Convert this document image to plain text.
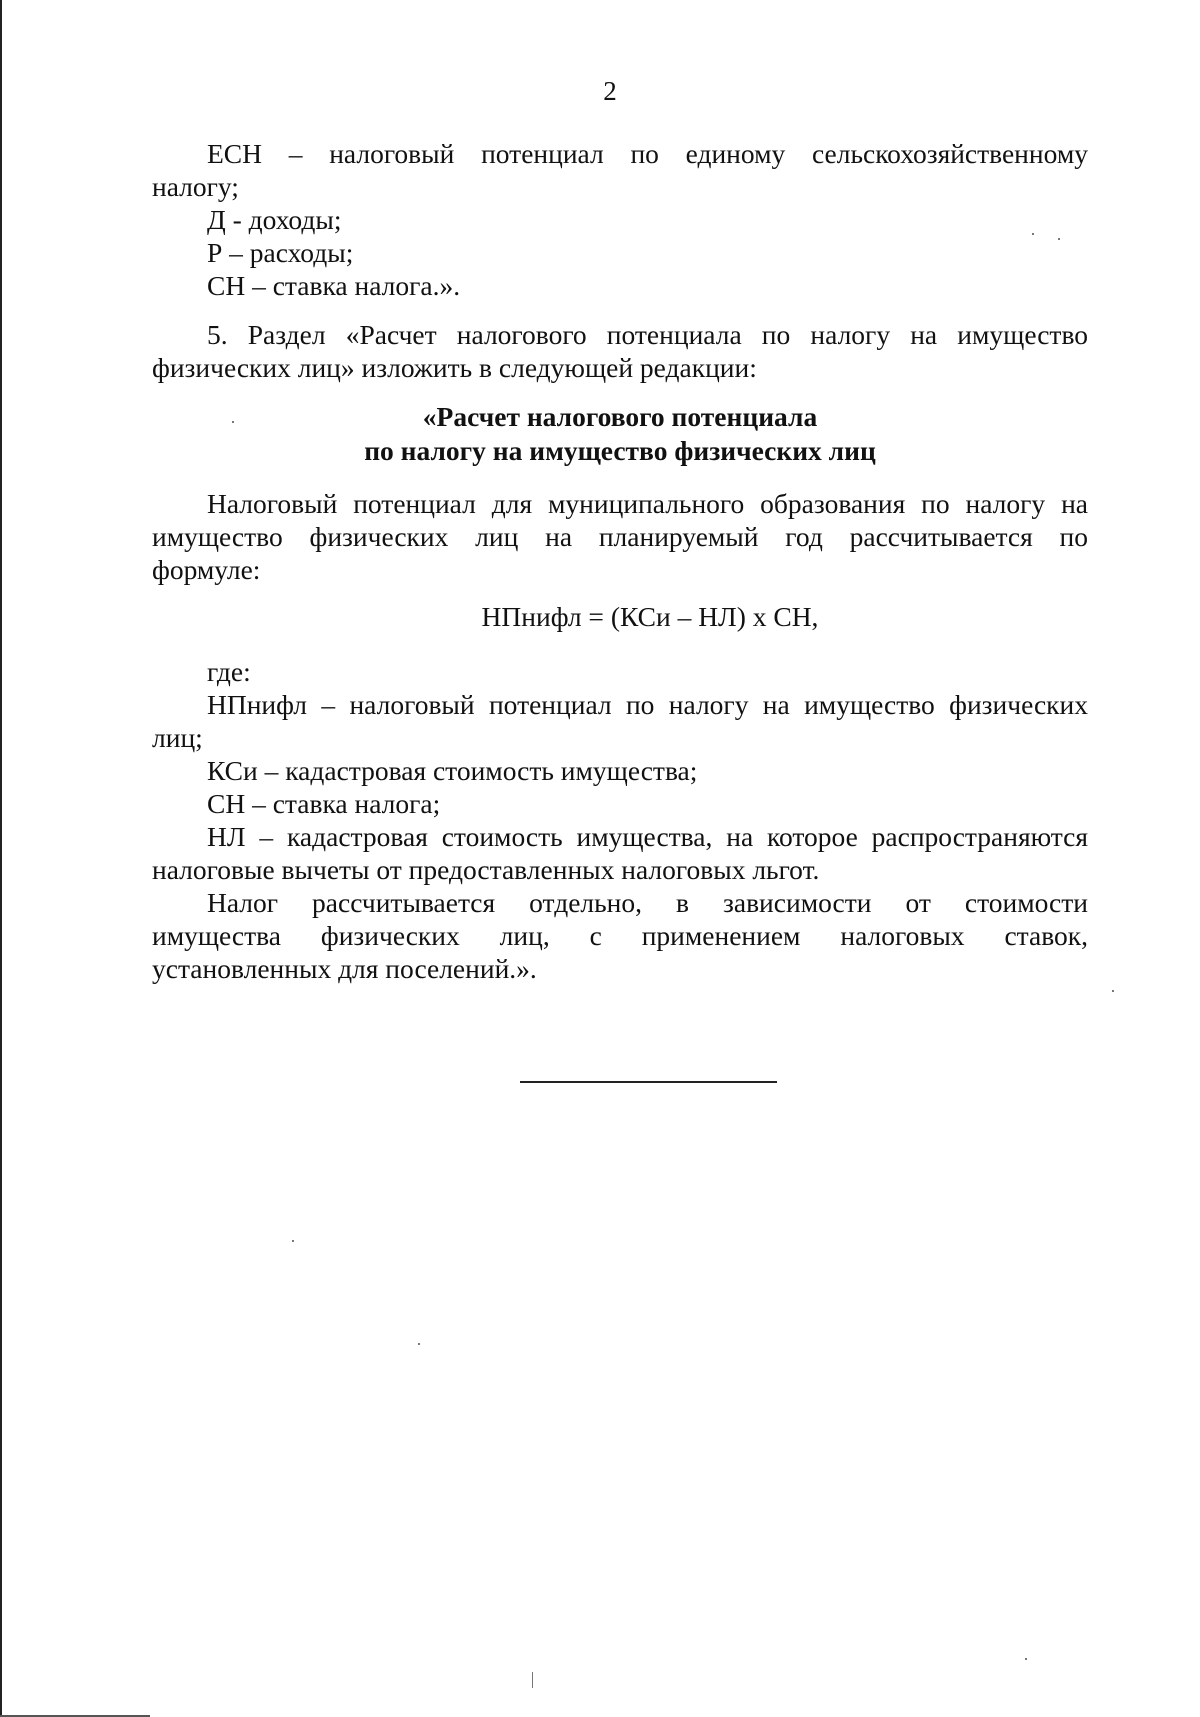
2
ЕСН – налоговый потенциал по единому сельскохозяйственному
налогу;
Д - доходы;
Р – расходы;
СН – ставка налога.».
5. Раздел «Расчет налогового потенциала по налогу на имущество
физических лиц» изложить в следующей редакции:
«Расчет налогового потенциала
по налогу на имущество физических лиц
Налоговый потенциал для муниципального образования по налогу на
имущество физических лиц на планируемый год рассчитывается по
формуле:
НПнифл = (КСи – НЛ) х СН,
где:
НПнифл – налоговый потенциал по налогу на имущество физических
лиц;
КСи – кадастровая стоимость имущества;
СН – ставка налога;
НЛ – кадастровая стоимость имущества, на которое распространяются
налоговые вычеты от предоставленных налоговых льгот.
Налог рассчитывается отдельно, в зависимости от стоимости
имущества физических лиц, с применением налоговых ставок,
установленных для поселений.».
